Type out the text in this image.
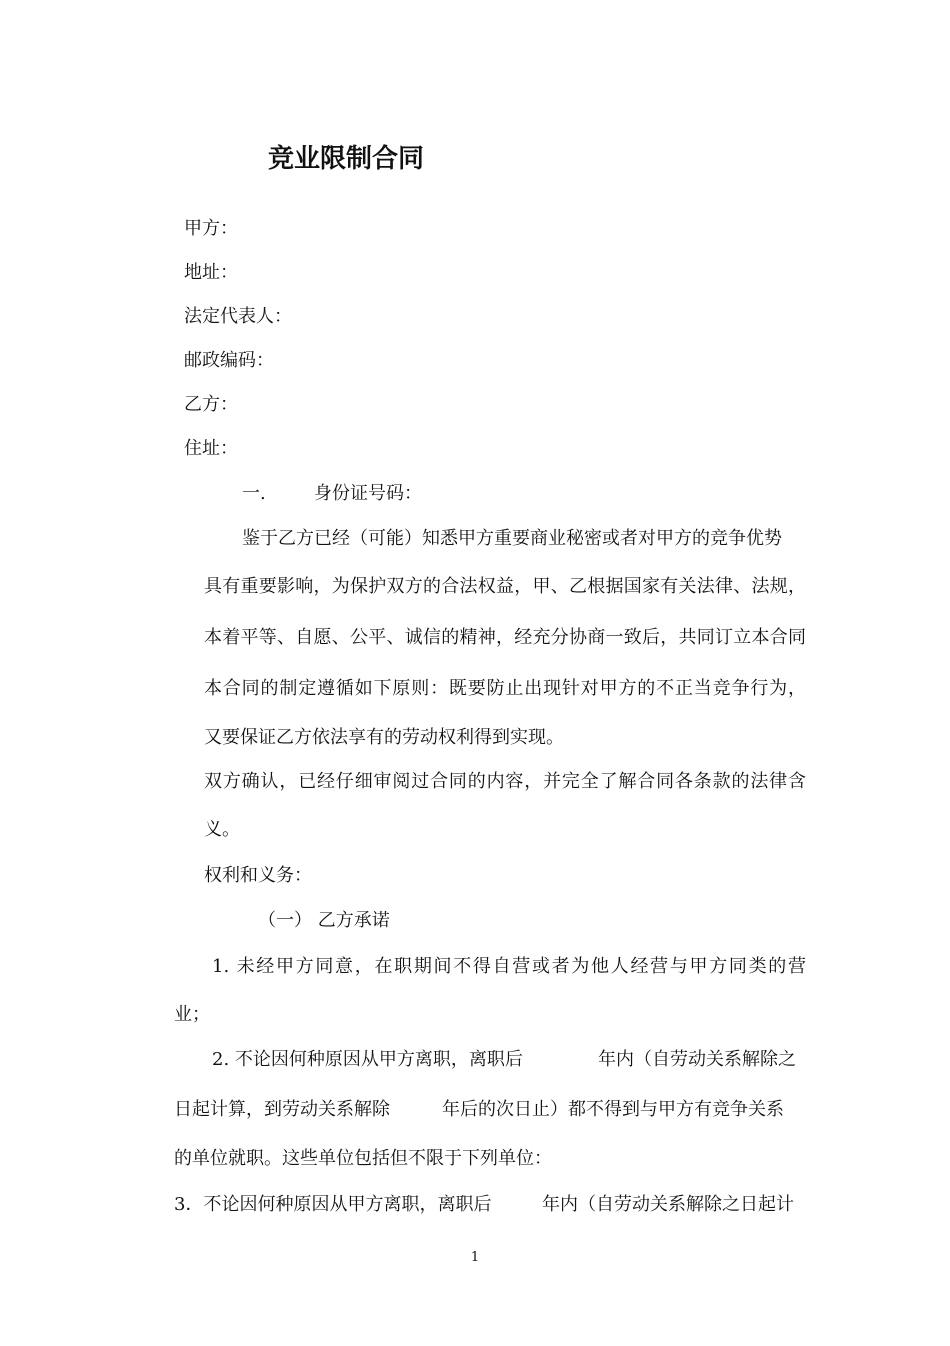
竞业限制合同
甲方：
地址：
法定代表人：
邮政编码：
乙方：
住址：
一.	身份证号码：
鉴于乙方已经（可能）知悉甲方重要商业秘密或者对甲方的竞争优势
具有重要影响，为保护双方的合法权益，甲、乙根据国家有关法律、法规，
本着平等、自愿、公平、诚信的精神，经充分协商一致后，共同订立本合同
本合同的制定遵循如下原则：既要防止出现针对甲方的不正当竞争行为，
又要保证乙方依法享有的劳动权利得到实现。
双方确认，已经仔细审阅过合同的内容，并完全了解合同各条款的法律含
义。
权利和义务：
（一） 乙方承诺
1. 未经甲方同意，在职期间不得自营或者为他人经营与甲方同类的营
业；
2. 不论因何种原因从甲方离职，离职后	年内（自劳动关系解除之
日起计算，到劳动关系解除	年后的次日止）都不得到与甲方有竞争关系
的单位就职。这些单位包括但不限于下列单位：
3．不论因何种原因从甲方离职，离职后	年内（自劳动关系解除之日起计
1
